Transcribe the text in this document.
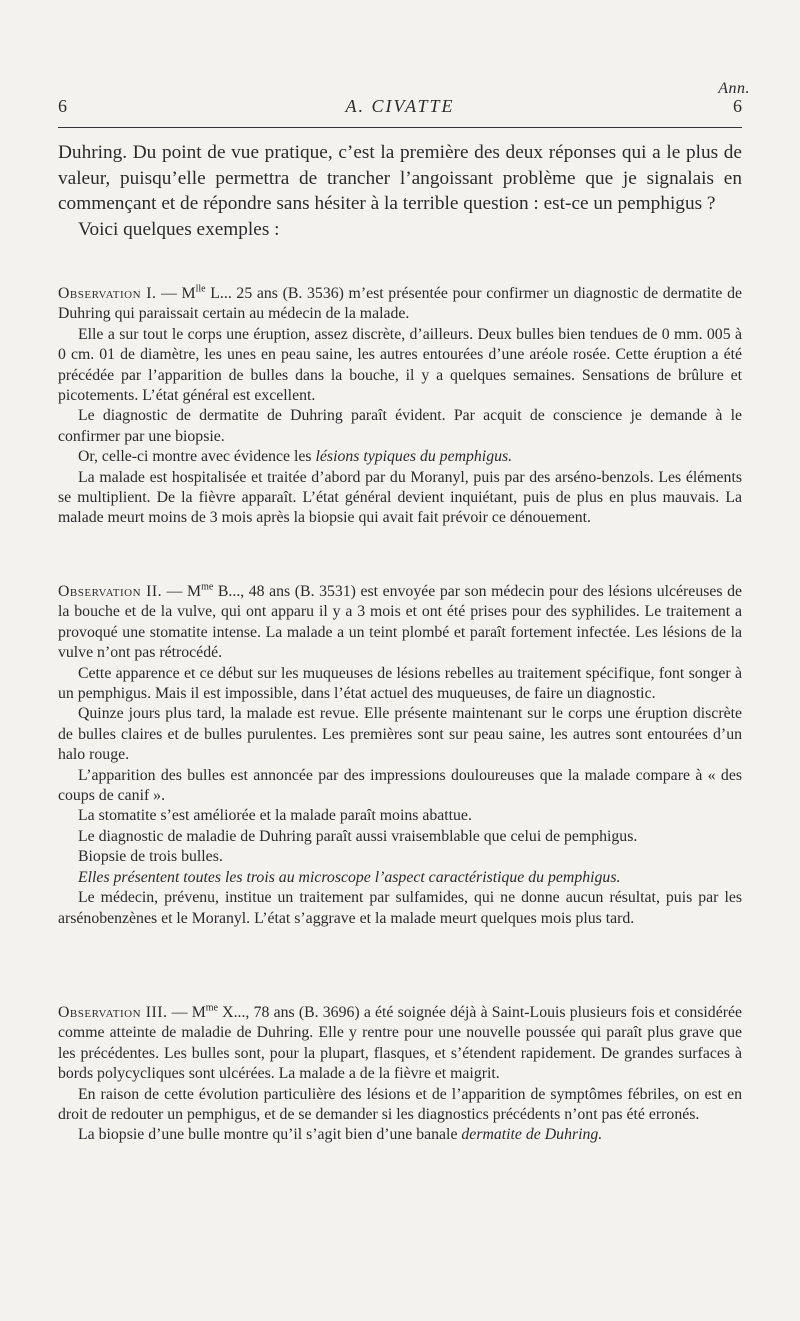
Ann.
6	A. CIVATTE	6

Duhring. Du point de vue pratique, c’est la première des deux réponses qui a le plus de valeur, puisqu’elle permettra de trancher l’angoissant problème que je signalais en commençant et de répondre sans hésiter à la terrible question : est-ce un pemphigus ?

Voici quelques exemples :

Observation I. — $M^{lle}$ L... 25 ans (B. 3536) m’est présentée pour confirmer un diagnostic de dermatite de Duhring qui paraissait certain au médecin de la malade.

Elle a sur tout le corps une éruption, assez discrète, d’ailleurs. Deux bulles bien tendues de 0 mm. 005 à 0 cm. 01 de diamètre, les unes en peau saine, les autres entourées d’une aréole rosée. Cette éruption a été précédée par l’apparition de bulles dans la bouche, il y a quelques semaines. Sensations de brûlure et picotements. L’état général est excellent.

Le diagnostic de dermatite de Duhring paraît évident. Par acquit de conscience je demande à le confirmer par une biopsie.

Or, celle-ci montre avec évidence les lésions typiques du pemphigus.

La malade est hospitalisée et traitée d’abord par du Moranyl, puis par des arséno-benzols. Les éléments se multiplient. De la fièvre apparaît. L’état général devient inquiétant, puis de plus en plus mauvais. La malade meurt moins de 3 mois après la biopsie qui avait fait prévoir ce dénouement.

Observation II. — $M^{me}$ B..., 48 ans (B. 3531) est envoyée par son médecin pour des lésions ulcéreuses de la bouche et de la vulve, qui ont apparu il y a 3 mois et ont été prises pour des syphilides. Le traitement a provoqué une stomatite intense. La malade a un teint plombé et paraît fortement infectée. Les lésions de la vulve n’ont pas rétrocédé.

Cette apparence et ce début sur les muqueuses de lésions rebelles au traitement spécifique, font songer à un pemphigus. Mais il est impossible, dans l’état actuel des muqueuses, de faire un diagnostic.

Quinze jours plus tard, la malade est revue. Elle présente maintenant sur le corps une éruption discrète de bulles claires et de bulles purulentes. Les premières sont sur peau saine, les autres sont entourées d’un halo rouge.

L’apparition des bulles est annoncée par des impressions douloureuses que la malade compare à « des coups de canif ».

La stomatite s’est améliorée et la malade paraît moins abattue.

Le diagnostic de maladie de Duhring paraît aussi vraisemblable que celui de pemphigus.

Biopsie de trois bulles.

Elles présentent toutes les trois au microscope l’aspect caractéristique du pemphigus.

Le médecin, prévenu, institue un traitement par sulfamides, qui ne donne aucun résultat, puis par les arsénobenzènes et le Moranyl. L’état s’aggrave et la malade meurt quelques mois plus tard.

Observation III. — $M^{me}$ X..., 78 ans (B. 3696) a été soignée déjà à Saint-Louis plusieurs fois et considérée comme atteinte de maladie de Duhring. Elle y rentre pour une nouvelle poussée qui paraît plus grave que les précédentes. Les bulles sont, pour la plupart, flasques, et s’étendent rapidement. De grandes surfaces à bords polycycliques sont ulcérées. La malade a de la fièvre et maigrit.

En raison de cette évolution particulière des lésions et de l’apparition de symptômes fébriles, on est en droit de redouter un pemphigus, et de se demander si les diagnostics précédents n’ont pas été erronés.

La biopsie d’une bulle montre qu’il s’agit bien d’une banale dermatite de Duhring.
